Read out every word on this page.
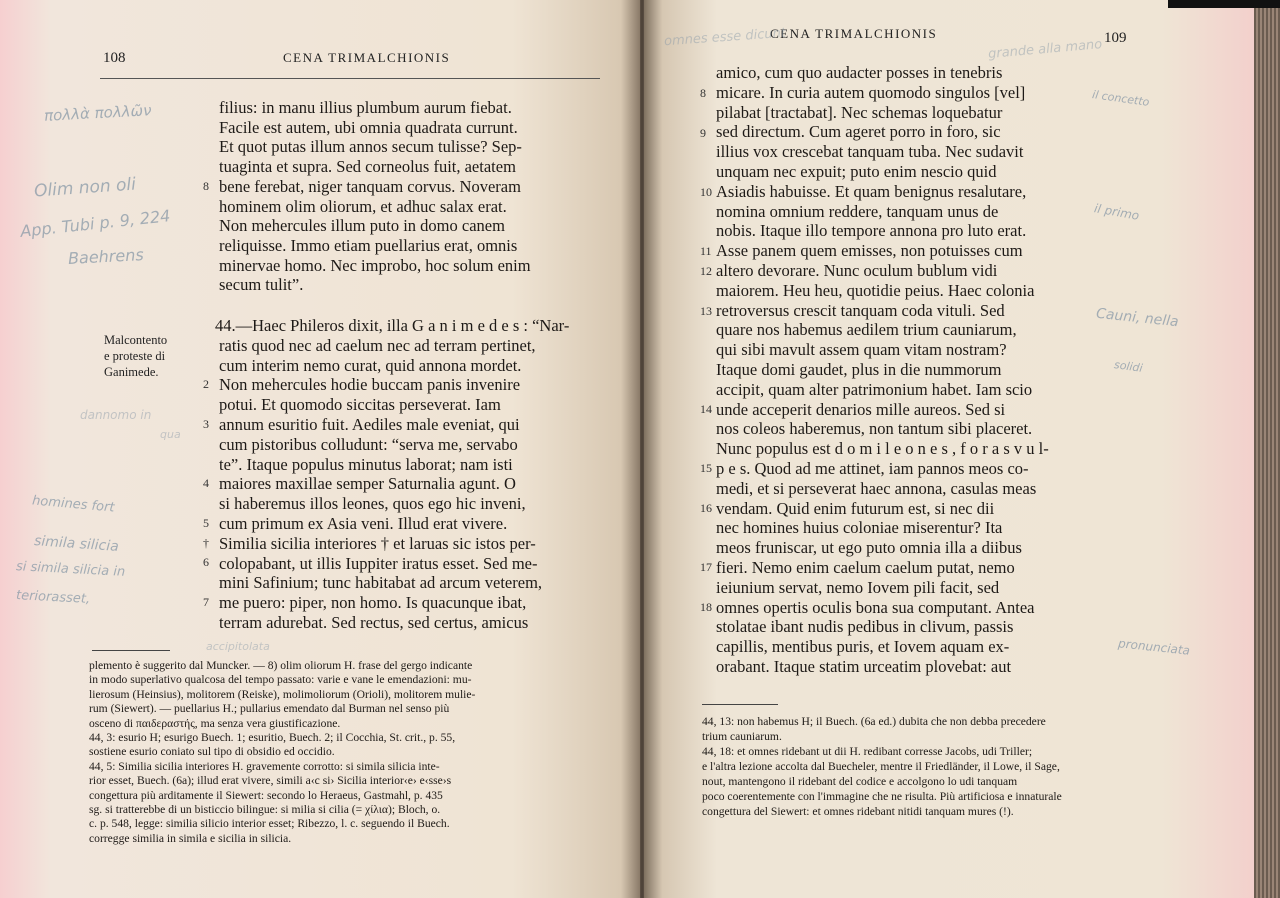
108	CENA TRIMALCHIONIS
filius: in manu illius plumbum aurum fiebat.
Facile est autem, ubi omnia quadrata currunt.
Et quot putas illum annos secum tulisse? Sep-
tuaginta et supra. Sed corneolus fuit, aetatem
bene ferebat, niger tanquam corvus. Noveram
hominem olim oliorum, et adhuc salax erat.
Non mehercules illum puto in domo canem
reliquisse. Immo etiam puellarius erat, omnis
minervae homo. Nec improbo, hoc solum enim
secum tulit”.
44.—Haec Phileros dixit, illa G a n i m e d e s : “Nar-
ratis quod nec ad caelum nec ad terram pertinet,
cum interim nemo curat, quid annona mordet.
Non mehercules hodie buccam panis invenire
potui. Et quomodo siccitas perseverat. Iam
annum esuritio fuit. Aediles male eveniat, qui
cum pistoribus colludunt: “serva me, servabo
te”. Itaque populus minutus laborat; nam isti
maiores maxillae semper Saturnalia agunt. O
si haberemus illos leones, quos ego hic inveni,
cum primum ex Asia veni. Illud erat vivere.
Similia sicilia interiores † et laruas sic istos per-
colopabant, ut illis Iuppiter iratus esset. Sed me-
mini Safinium; tunc habitabat ad arcum veterem,
me puero: piper, non homo. Is quacunque ibat,
terram adurebat. Sed rectus, sed certus, amicus
8
2
3
4
5
†
6
7
Malcontento
e proteste di
Ganimede.
plemento è suggerito dal Muncker. — 8) olim oliorum H. frase del gergo indicante
in modo superlativo qualcosa del tempo passato: varie e vane le emendazioni: mu-
lierosum (Heinsius), molitorem (Reiske), molimoliorum (Orioli), molitorem mulie-
rum (Siewert). — puellarius H.; pullarius emendato dal Burman nel senso più
osceno di παιδεραστής, ma senza vera giustificazione.
44, 3: esurio H; esurigo Buech. 1; esuritio, Buech. 2; il Cocchia, St. crit., p. 55,
sostiene esurio coniato sul tipo di obsidio ed occidio.
44, 5: Similia sicilia interiores H. gravemente corrotto: si simila silicia inte-
rior esset, Buech. (6a); illud erat vivere, simili a‹c si› Sicilia interior‹e› e‹sse›s
congettura più arditamente il Siewert: secondo lo Heraeus, Gastmahl, p. 435
sg. si tratterebbe di un bisticcio bilingue: si milia si cilia (= χίλια); Bloch, o.
c. p. 548, legge: similia silicio interior esset; Ribezzo, l. c. seguendo il Buech.
corregge similia in simila e sicilia in silicia.
πολλὰ πολλῶν
Olim non oli
App. Tubi p. 9, 224
Baehrens
dannomo in
qua
homines fort
simila silicia
si simila silicia in
teriorasset,
accipitolata
CENA TRIMALCHIONIS	109
amico, cum quo audacter posses in tenebris
micare. In curia autem quomodo singulos [vel]
pilabat [tractabat]. Nec schemas loquebatur
sed directum. Cum ageret porro in foro, sic
illius vox crescebat tanquam tuba. Nec sudavit
unquam nec expuit; puto enim nescio quid
Asiadis habuisse. Et quam benignus resalutare,
nomina omnium reddere, tanquam unus de
nobis. Itaque illo tempore annona pro luto erat.
Asse panem quem emisses, non potuisses cum
altero devorare. Nunc oculum bublum vidi
maiorem. Heu heu, quotidie peius. Haec colonia
retroversus crescit tanquam coda vituli. Sed
quare nos habemus aedilem trium cauniarum,
qui sibi mavult assem quam vitam nostram?
Itaque domi gaudet, plus in die nummorum
accipit, quam alter patrimonium habet. Iam scio
unde acceperit denarios mille aureos. Sed si
nos coleos haberemus, non tantum sibi placeret.
Nunc populus est d o m i l e o n e s , f o r a s v u l-
p e s. Quod ad me attinet, iam pannos meos co-
medi, et si perseverat haec annona, casulas meas
vendam. Quid enim futurum est, si nec dii
nec homines huius coloniae miserentur? Ita
meos fruniscar, ut ego puto omnia illa a diibus
fieri. Nemo enim caelum caelum putat, nemo
ieiunium servat, nemo Iovem pili facit, sed
omnes opertis oculis bona sua computant. Antea
stolatae ibant nudis pedibus in clivum, passis
capillis, mentibus puris, et Iovem aquam ex-
orabant. Itaque statim urceatim plovebat: aut
8
9
10
11
12
13
14
15
16
17
18
44, 13: non habemus H; il Buech. (6a ed.) dubita che non debba precedere
trium cauniarum.
44, 18: et omnes ridebant ut dii H. redibant corresse Jacobs, udi Triller;
e l'altra lezione accolta dal Buecheler, mentre il Friedländer, il Lowe, il Sage,
nout, mantengono il ridebant del codice e accolgono lo udi tanquam
poco coerentemente con l'immagine che ne risulta. Più artificiosa e innaturale
congettura del Siewert: et omnes ridebant nitidi tanquam mures (!).
omnes esse dicunt	grande alla mano
il concetto
il primo
Cauni, nella
solidi
pronunciata
